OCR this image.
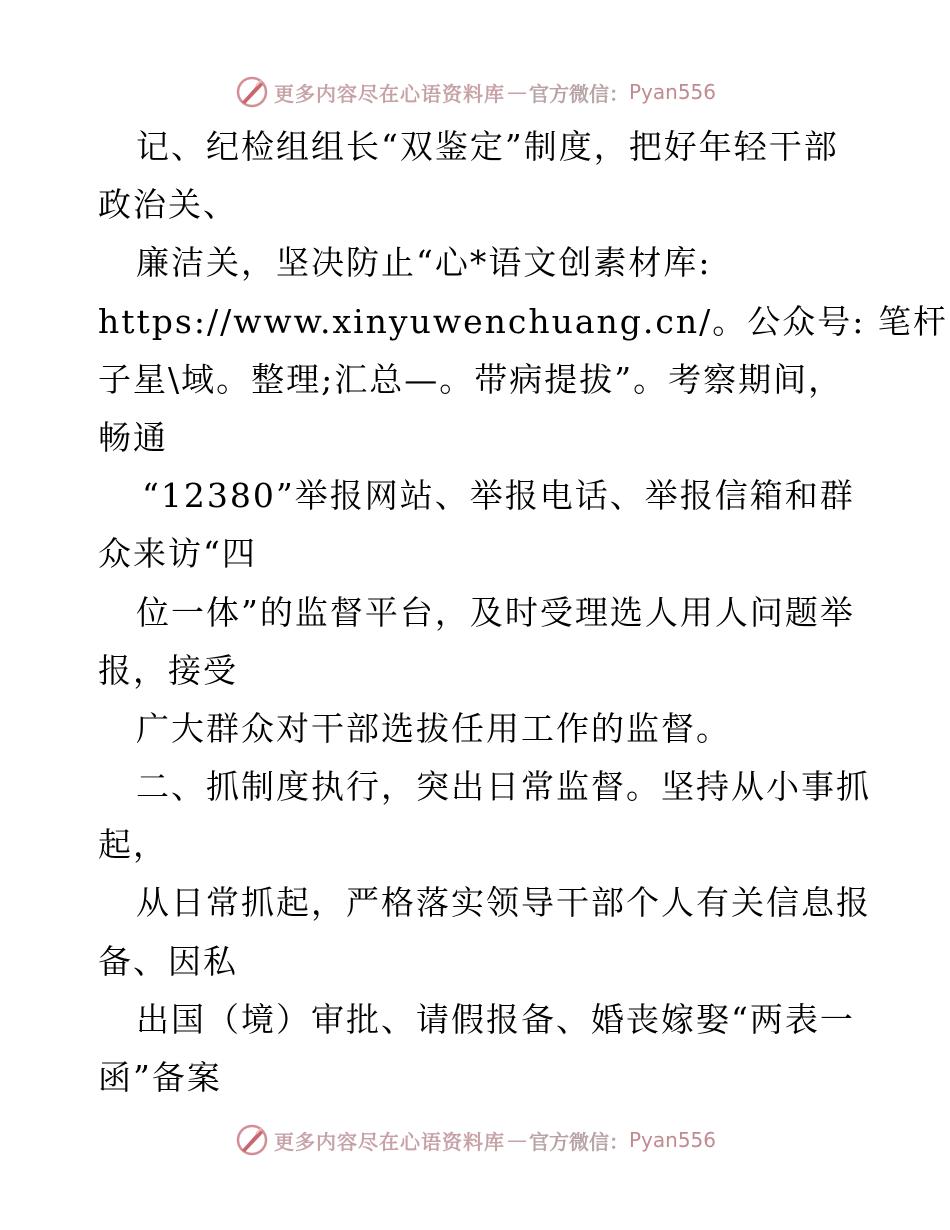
更多内容尽在心语资料库 — 官方微信： Pyan556
记、纪检组组长“双鉴定”制度，把好年轻干部
政治关、
廉洁关，坚决防止“心*语文创素材库:
https://www.xinyuwenchuang.cn/。公众号: 笔杆
子星\域。整理;汇总—。带病提拔”。考察期间，
畅通
“12380”举报网站、举报电话、举报信箱和群
众来访“四
位一体”的监督平台，及时受理选人用人问题举
报，接受
广大群众对干部选拔任用工作的监督。
二、抓制度执行，突出日常监督。坚持从小事抓
起，
从日常抓起，严格落实领导干部个人有关信息报
备、因私
出国（境）审批、请假报备、婚丧嫁娶“两表一
函”备案
更多内容尽在心语资料库 — 官方微信： Pyan556
